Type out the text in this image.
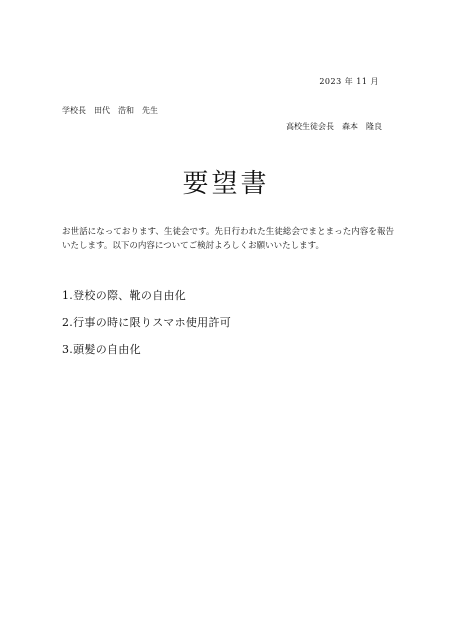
2023 年 11 月
学校長　田代　浩和　先生
高校生徒会長　森本　隆良
要望書

お世話になっております、生徒会です。先日行われた生徒総会でまとまった内容を報告いたします。以下の内容についてご検討よろしくお願いいたします。

1.登校の際、靴の自由化
2.行事の時に限りスマホ使用許可
3.頭髪の自由化
